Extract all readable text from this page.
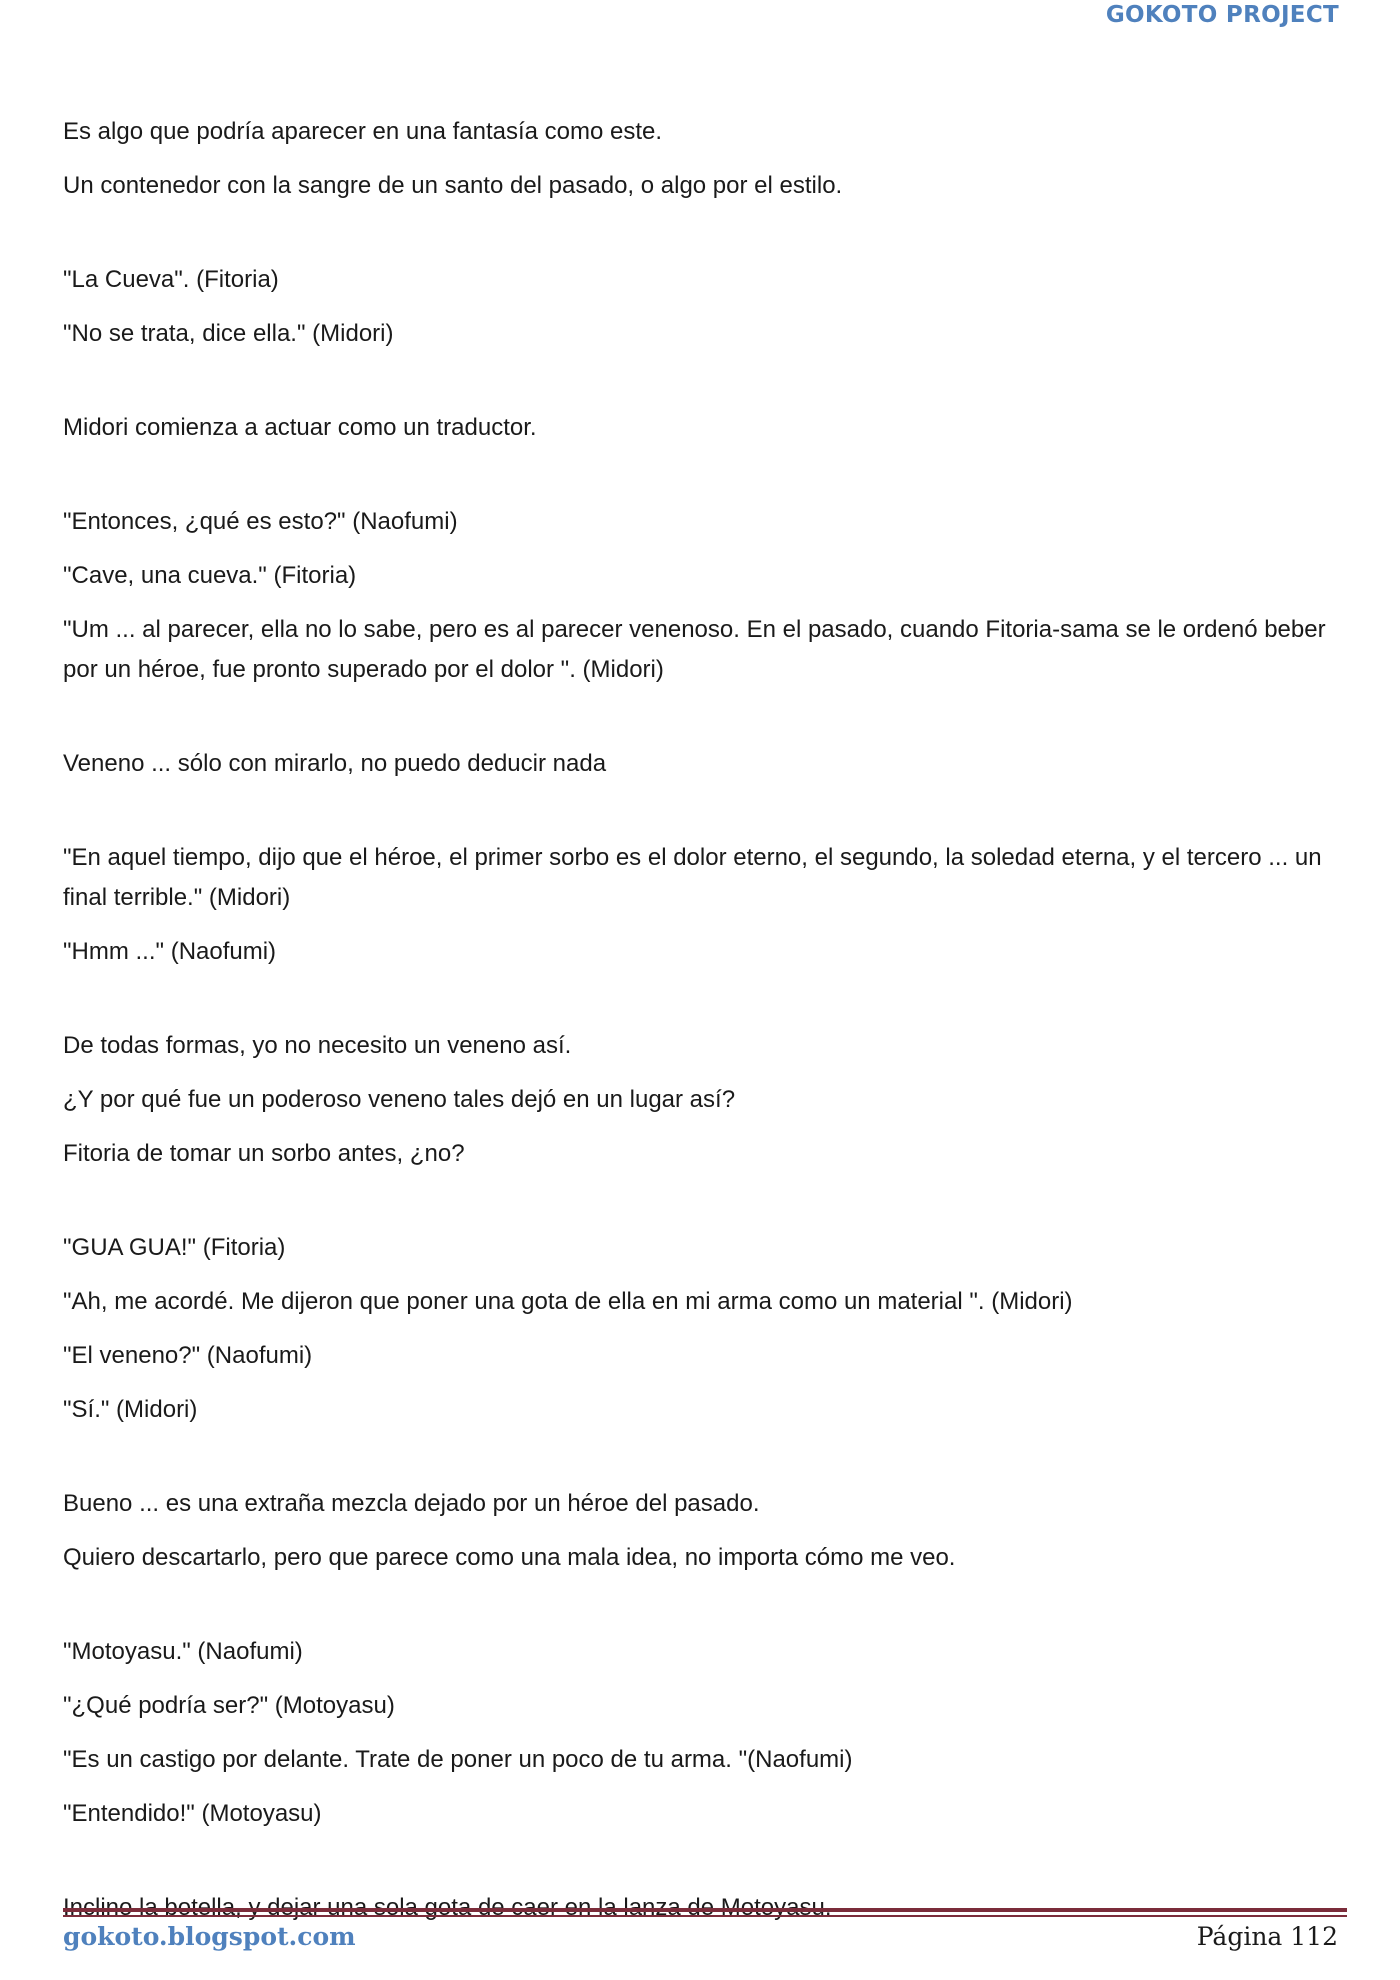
GOKOTO PROJECT

Es algo que podría aparecer en una fantasía como este.

Un contenedor con la sangre de un santo del pasado, o algo por el estilo.

"La Cueva". (Fitoria)

"No se trata, dice ella." (Midori)

Midori comienza a actuar como un traductor.

"Entonces, ¿qué es esto?" (Naofumi)

"Cave, una cueva." (Fitoria)

"Um ... al parecer, ella no lo sabe, pero es al parecer venenoso. En el pasado, cuando Fitoria-sama se le ordenó beber por un héroe, fue pronto superado por el dolor ". (Midori)

Veneno ... sólo con mirarlo, no puedo deducir nada

"En aquel tiempo, dijo que el héroe, el primer sorbo es el dolor eterno, el segundo, la soledad eterna, y el tercero ... un final terrible." (Midori)

"Hmm ..." (Naofumi)

De todas formas, yo no necesito un veneno así.

¿Y por qué fue un poderoso veneno tales dejó en un lugar así?

Fitoria de tomar un sorbo antes, ¿no?

"GUA GUA!" (Fitoria)

"Ah, me acordé. Me dijeron que poner una gota de ella en mi arma como un material ". (Midori)

"El veneno?" (Naofumi)

"Sí." (Midori)

Bueno ... es una extraña mezcla dejado por un héroe del pasado.

Quiero descartarlo, pero que parece como una mala idea, no importa cómo me veo.

"Motoyasu." (Naofumi)

"¿Qué podría ser?" (Motoyasu)

"Es un castigo por delante. Trate de poner un poco de tu arma. "(Naofumi)

"Entendido!" (Motoyasu)

gokoto.blogspot.com	Página 112
